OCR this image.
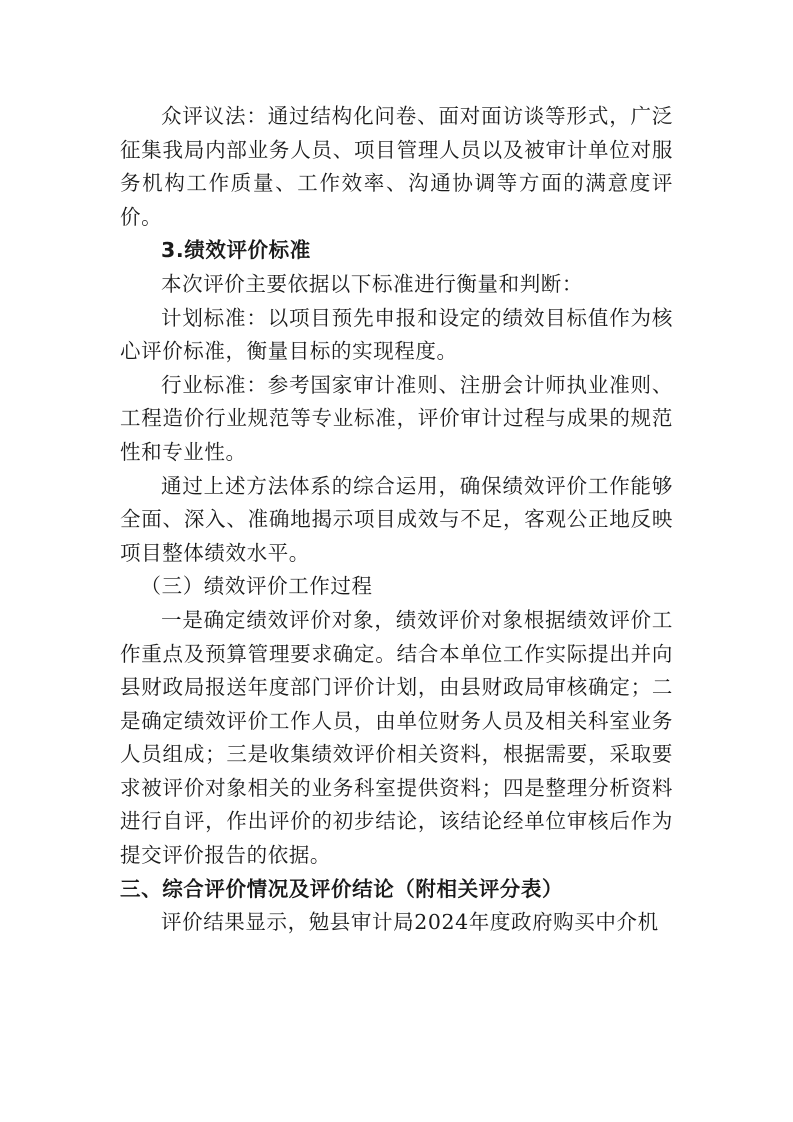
众评议法：通过结构化问卷、面对面访谈等形式，广泛征集我局内部业务人员、项目管理人员以及被审计单位对服务机构工作质量、工作效率、沟通协调等方面的满意度评价。

3.绩效评价标准

本次评价主要依据以下标准进行衡量和判断：

计划标准：以项目预先申报和设定的绩效目标值作为核心评价标准，衡量目标的实现程度。

行业标准：参考国家审计准则、注册会计师执业准则、工程造价行业规范等专业标准，评价审计过程与成果的规范性和专业性。

通过上述方法体系的综合运用，确保绩效评价工作能够全面、深入、准确地揭示项目成效与不足，客观公正地反映项目整体绩效水平。

（三）绩效评价工作过程

一是确定绩效评价对象，绩效评价对象根据绩效评价工作重点及预算管理要求确定。结合本单位工作实际提出并向县财政局报送年度部门评价计划，由县财政局审核确定；二是确定绩效评价工作人员，由单位财务人员及相关科室业务人员组成；三是收集绩效评价相关资料，根据需要，采取要求被评价对象相关的业务科室提供资料；四是整理分析资料进行自评，作出评价的初步结论，该结论经单位审核后作为提交评价报告的依据。

三、综合评价情况及评价结论（附相关评分表）

评价结果显示，勉县审计局2024年度政府购买中介机
